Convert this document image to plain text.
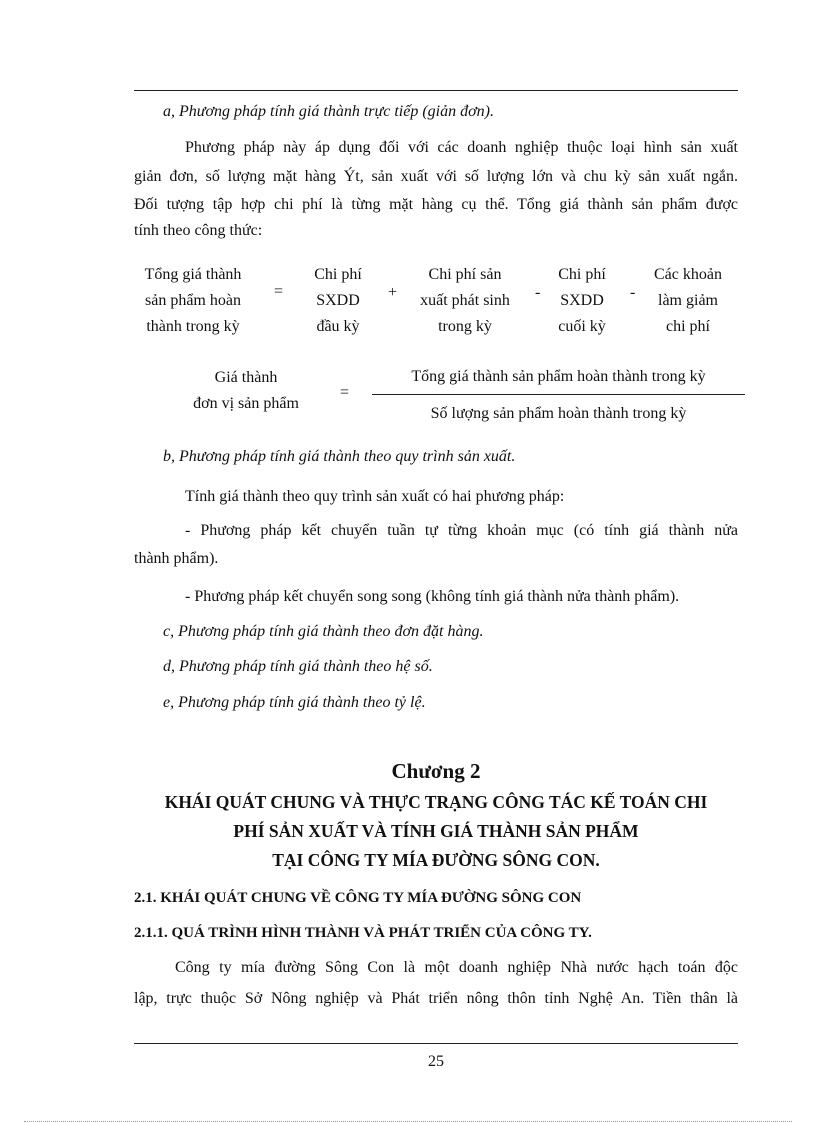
a, Phương pháp tính giá thành trực tiếp (giản đơn).
Phương pháp này áp dụng đối với các doanh nghiệp thuộc loại hình sản xuất
giản đơn, số lượng mặt hàng Ýt, sản xuất với số lượng lớn và chu kỳ sản xuất ngắn.
Đối tượng tập hợp chi phí là từng mặt hàng cụ thể. Tổng giá thành sản phẩm được
tính theo công thức:
Tổng giá thành
sản phẩm hoàn
thành trong kỳ
=
Chi phí
SXDD
đầu kỳ
+
Chi phí sản
xuất phát sinh
trong kỳ
-
Chi phí
SXDD
cuối kỳ
-
Các khoản
làm giảm
chi phí
Giá thành
đơn vị sản phẩm
=
Tổng giá thành sản phẩm hoàn thành trong kỳ
Số lượng sản phẩm hoàn thành trong kỳ
b, Phương pháp tính giá thành theo quy trình sản xuất.
Tính giá thành theo quy trình sản xuất có hai phương pháp:
- Phương pháp kết chuyển tuần tự từng khoản mục (có tính giá thành nửa
thành phẩm).
- Phương pháp kết chuyển song song (không tính giá thành nửa thành phẩm).
c, Phương pháp tính giá thành theo đơn đặt hàng.
d, Phương pháp tính giá thành theo hệ số.
e, Phương pháp tính giá thành theo tỷ lệ.
Chương 2
KHÁI QUÁT CHUNG VÀ THỰC TRẠNG CÔNG TÁC KẾ TOÁN CHI
PHÍ SẢN XUẤT VÀ TÍNH GIÁ THÀNH SẢN PHẨM
TẠI CÔNG TY MÍA ĐƯỜNG SÔNG CON.
2.1. KHÁI QUÁT CHUNG VỀ CÔNG TY MÍA ĐƯỜNG SÔNG CON
2.1.1. QUÁ TRÌNH HÌNH THÀNH VÀ PHÁT TRIỂN CỦA CÔNG TY.
Công ty mía đường Sông Con là một doanh nghiệp Nhà nước hạch toán độc
lập, trực thuộc Sở Nông nghiệp và Phát triển nông thôn tỉnh Nghệ An. Tiền thân là
25
